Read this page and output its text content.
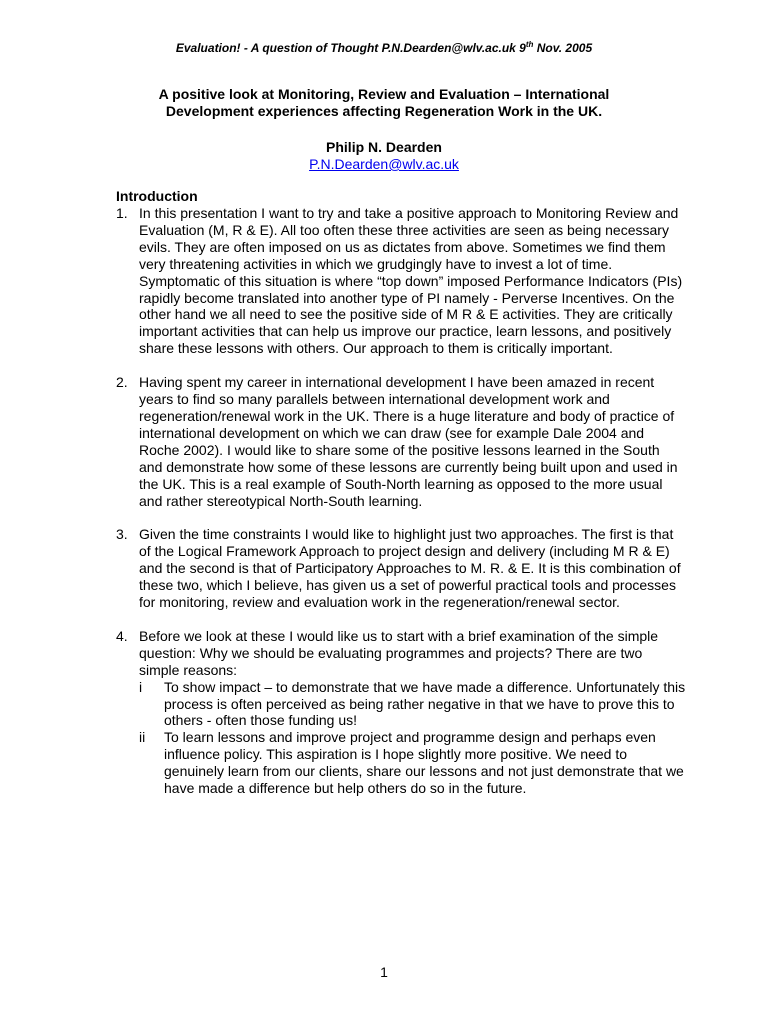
Evaluation! - A question of Thought P.N.Dearden@wlv.ac.uk 9th Nov. 2005
A positive look at Monitoring, Review and Evaluation – International
Development experiences affecting Regeneration Work in the UK.
Philip N. Dearden
P.N.Dearden@wlv.ac.uk
Introduction
1. In this presentation I want to try and take a positive approach to Monitoring Review and Evaluation (M, R & E). All too often these three activities are seen as being necessary evils. They are often imposed on us as dictates from above. Sometimes we find them very threatening activities in which we grudgingly have to invest a lot of time. Symptomatic of this situation is where “top down” imposed Performance Indicators (PIs) rapidly become translated into another type of PI namely - Perverse Incentives. On the other hand we all need to see the positive side of M R & E activities. They are critically important activities that can help us improve our practice, learn lessons, and positively share these lessons with others. Our approach to them is critically important.
2. Having spent my career in international development I have been amazed in recent years to find so many parallels between international development work and regeneration/renewal work in the UK. There is a huge literature and body of practice of international development on which we can draw (see for example Dale 2004 and Roche 2002). I would like to share some of the positive lessons learned in the South and demonstrate how some of these lessons are currently being built upon and used in the UK. This is a real example of South-North learning as opposed to the more usual and rather stereotypical North-South learning.
3. Given the time constraints I would like to highlight just two approaches. The first is that of the Logical Framework Approach to project design and delivery (including M R & E) and the second is that of Participatory Approaches to M. R. & E. It is this combination of these two, which I believe, has given us a set of powerful practical tools and processes for monitoring, review and evaluation work in the regeneration/renewal sector.
4. Before we look at these I would like us to start with a brief examination of the simple question: Why we should be evaluating programmes and projects? There are two simple reasons:
i To show impact – to demonstrate that we have made a difference. Unfortunately this process is often perceived as being rather negative in that we have to prove this to others - often those funding us!
ii To learn lessons and improve project and programme design and perhaps even influence policy. This aspiration is I hope slightly more positive. We need to genuinely learn from our clients, share our lessons and not just demonstrate that we have made a difference but help others do so in the future.
1
